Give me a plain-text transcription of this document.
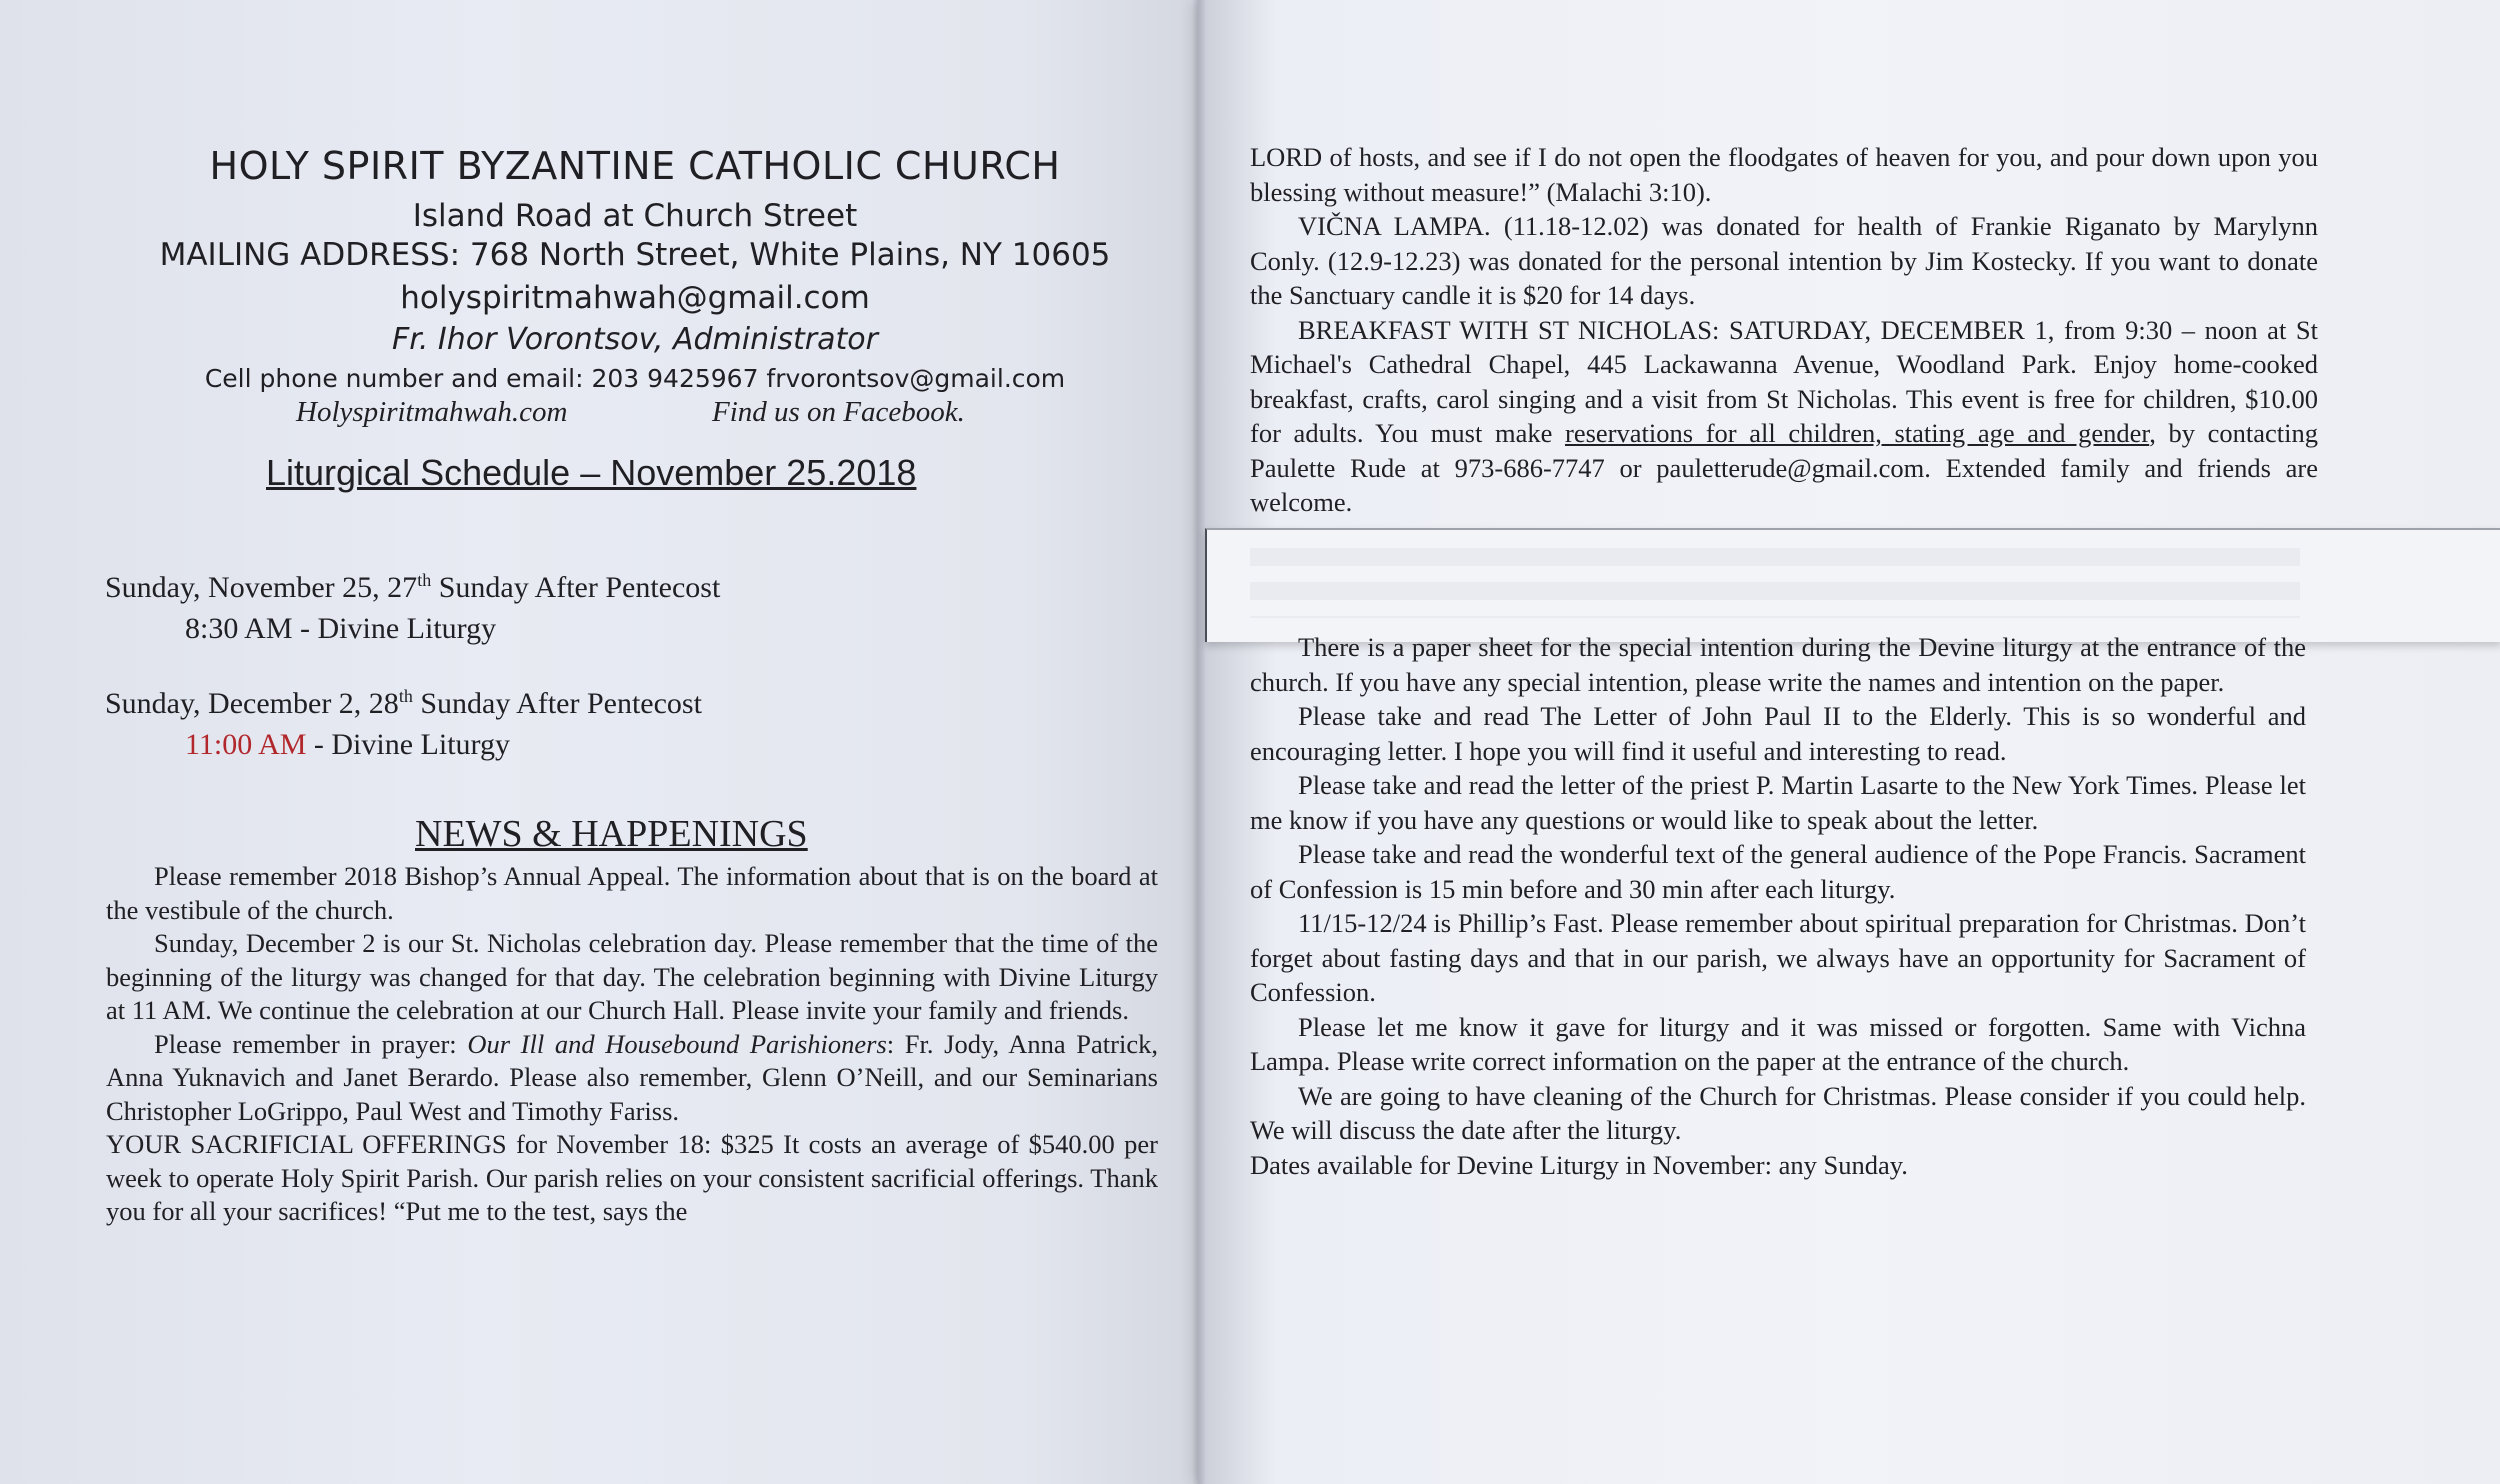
HOLY SPIRIT BYZANTINE CATHOLIC CHURCH
Island Road at Church Street
MAILING ADDRESS: 768 North Street, White Plains, NY 10605
holyspiritmahwah@gmail.com
Fr. Ihor Vorontsov, Administrator
Cell phone number and email: 203 9425967 frvorontsov@gmail.com
Holyspiritmahwah.com	Find us on Facebook.
Liturgical Schedule – November 25.2018
Sunday, November 25, 27th Sunday After Pentecost
8:30 AM - Divine Liturgy
Sunday, December 2, 28th Sunday After Pentecost
11:00 AM - Divine Liturgy
NEWS & HAPPENINGS

Please remember 2018 Bishop’s Annual Appeal. The information about that is on the board at the vestibule of the church.

Sunday, December 2 is our St. Nicholas celebration day. Please remember that the time of the beginning of the liturgy was changed for that day. The celebration beginning with Divine Liturgy at 11 AM. We continue the celebration at our Church Hall. Please invite your family and friends.

Please remember in prayer: Our Ill and Housebound Parishioners: Fr. Jody, Anna Patrick, Anna Yuknavich and Janet Berardo. Please also remember, Glenn O’Neill, and our Seminarians Christopher LoGrippo, Paul West and Timothy Fariss.

YOUR SACRIFICIAL OFFERINGS for November 18: $325 It costs an average of $540.00 per week to operate Holy Spirit Parish. Our parish relies on your consistent sacrificial offerings. Thank you for all your sacrifices! “Put me to the test, says the

LORD of hosts, and see if I do not open the floodgates of heaven for you, and pour down upon you blessing without measure!” (Malachi 3:10).

VIČNA LAMPA. (11.18-12.02) was donated for health of Frankie Riganato by Marylynn Conly. (12.9-12.23) was donated for the personal intention by Jim Kostecky. If you want to donate the Sanctuary candle it is $20 for 14 days.

BREAKFAST WITH ST NICHOLAS: SATURDAY, DECEMBER 1, from 9:30 – noon at St Michael's Cathedral Chapel, 445 Lackawanna Avenue, Woodland Park. Enjoy home-cooked breakfast, crafts, carol singing and a visit from St Nicholas. This event is free for children, $10.00 for adults. You must make reservations for all children, stating age and gender, by contacting Paulette Rude at 973-686-7747 or pauletterude@gmail.com. Extended family and friends are welcome.

There is a paper sheet for the special intention during the Devine liturgy at the entrance of the church. If you have any special intention, please write the names and intention on the paper.

Please take and read The Letter of John Paul II to the Elderly. This is so wonderful and encouraging letter. I hope you will find it useful and interesting to read.

Please take and read the letter of the priest P. Martin Lasarte to the New York Times. Please let me know if you have any questions or would like to speak about the letter.

Please take and read the wonderful text of the general audience of the Pope Francis. Sacrament of Confession is 15 min before and 30 min after each liturgy.

11/15-12/24 is Phillip’s Fast. Please remember about spiritual preparation for Christmas. Don’t forget about fasting days and that in our parish, we always have an opportunity for Sacrament of Confession.

Please let me know it gave for liturgy and it was missed or forgotten. Same with Vichna Lampa. Please write correct information on the paper at the entrance of the church.

We are going to have cleaning of the Church for Christmas. Please consider if you could help. We will discuss the date after the liturgy.

Dates available for Devine Liturgy in November: any Sunday.
